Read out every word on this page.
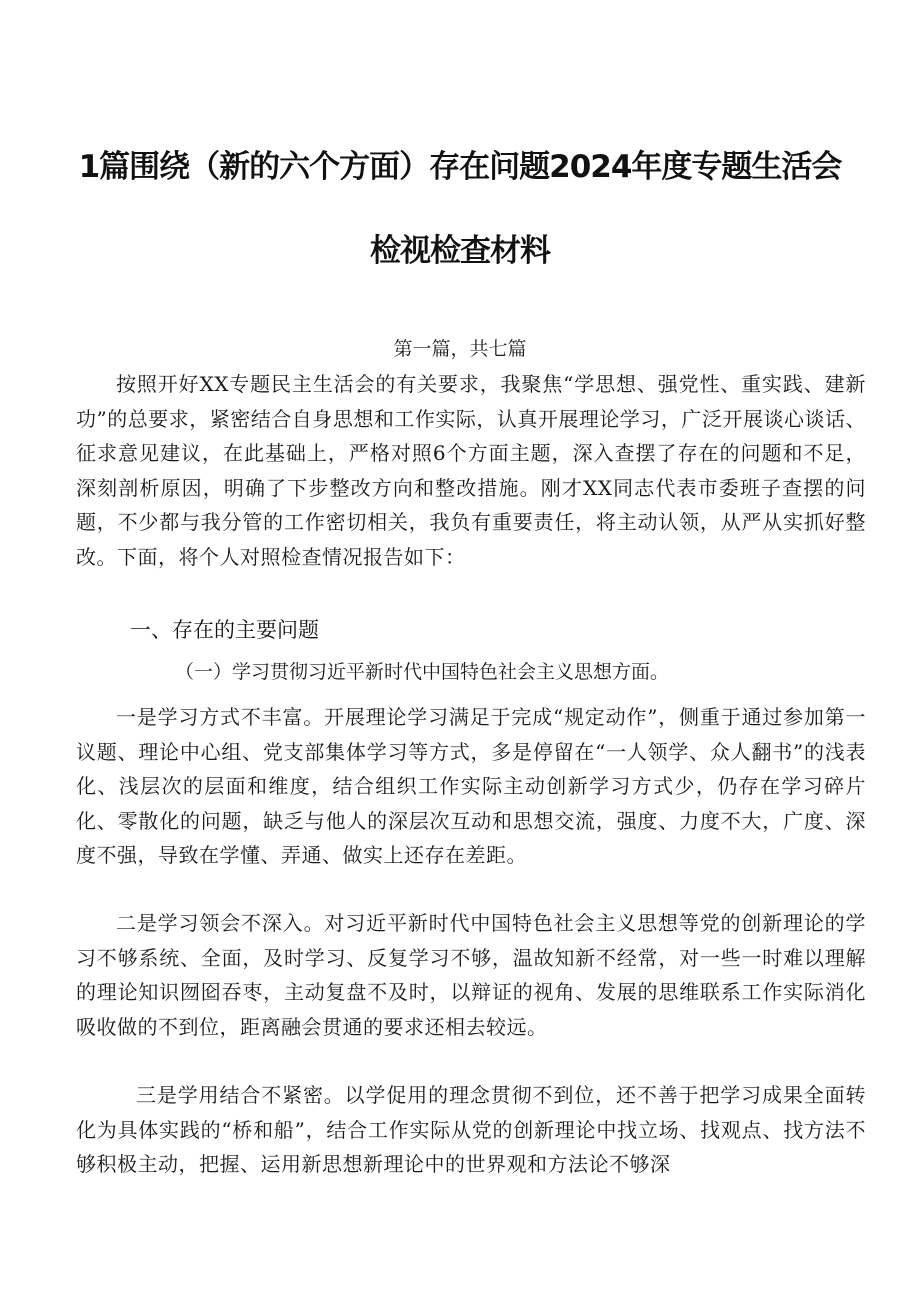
1篇围绕（新的六个方面）存在问题2024年度专题生活会
检视检查材料
第一篇，共七篇
按照开好XX专题民主生活会的有关要求，我聚焦“学思想、强党性、重实践、建新功”的总要求，紧密结合自身思想和工作实际，认真开展理论学习，广泛开展谈心谈话、征求意见建议，在此基础上，严格对照6个方面主题，深入查摆了存在的问题和不足，深刻剖析原因，明确了下步整改方向和整改措施。刚才XX同志代表市委班子查摆的问题，不少都与我分管的工作密切相关，我负有重要责任，将主动认领，从严从实抓好整改。下面，将个人对照检查情况报告如下：
一、存在的主要问题
（一）学习贯彻习近平新时代中国特色社会主义思想方面。
一是学习方式不丰富。开展理论学习满足于完成“规定动作”，侧重于通过参加第一议题、理论中心组、党支部集体学习等方式，多是停留在“一人领学、众人翻书”的浅表化、浅层次的层面和维度，结合组织工作实际主动创新学习方式少，仍存在学习碎片化、零散化的问题，缺乏与他人的深层次互动和思想交流，强度、力度不大，广度、深度不强，导致在学懂、弄通、做实上还存在差距。
二是学习领会不深入。对习近平新时代中国特色社会主义思想等党的创新理论的学习不够系统、全面，及时学习、反复学习不够，温故知新不经常，对一些一时难以理解的理论知识囫囵吞枣，主动复盘不及时，以辩证的视角、发展的思维联系工作实际消化吸收做的不到位，距离融会贯通的要求还相去较远。
三是学用结合不紧密。以学促用的理念贯彻不到位，还不善于把学习成果全面转化为具体实践的“桥和船”，结合工作实际从党的创新理论中找立场、找观点、找方法不够积极主动，把握、运用新思想新理论中的世界观和方法论不够深
